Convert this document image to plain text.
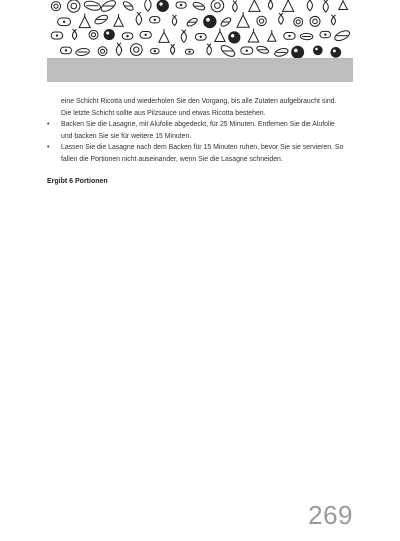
eine Schicht Ricotta und wiederholen Sie den Vorgang, bis alle Zutaten aufgebraucht sind.
Die letzte Schicht sollte aus Pilzsauce und etwas Ricotta bestehen.
•	Backen Sie die Lasagne, mit Alufolie abgedeckt, für 25 Minuten. Entfernen Sie die Alufolie
und backen Sie sie für weitere 15 Minuten.
•	Lassen Sie die Lasagne nach dem Backen für 15 Minuten ruhen, bevor Sie sie servieren. So
fallen die Portionen nicht auseinander, wenn Sie die Lasagne schneiden.
Ergibt 6 Portionen
269
